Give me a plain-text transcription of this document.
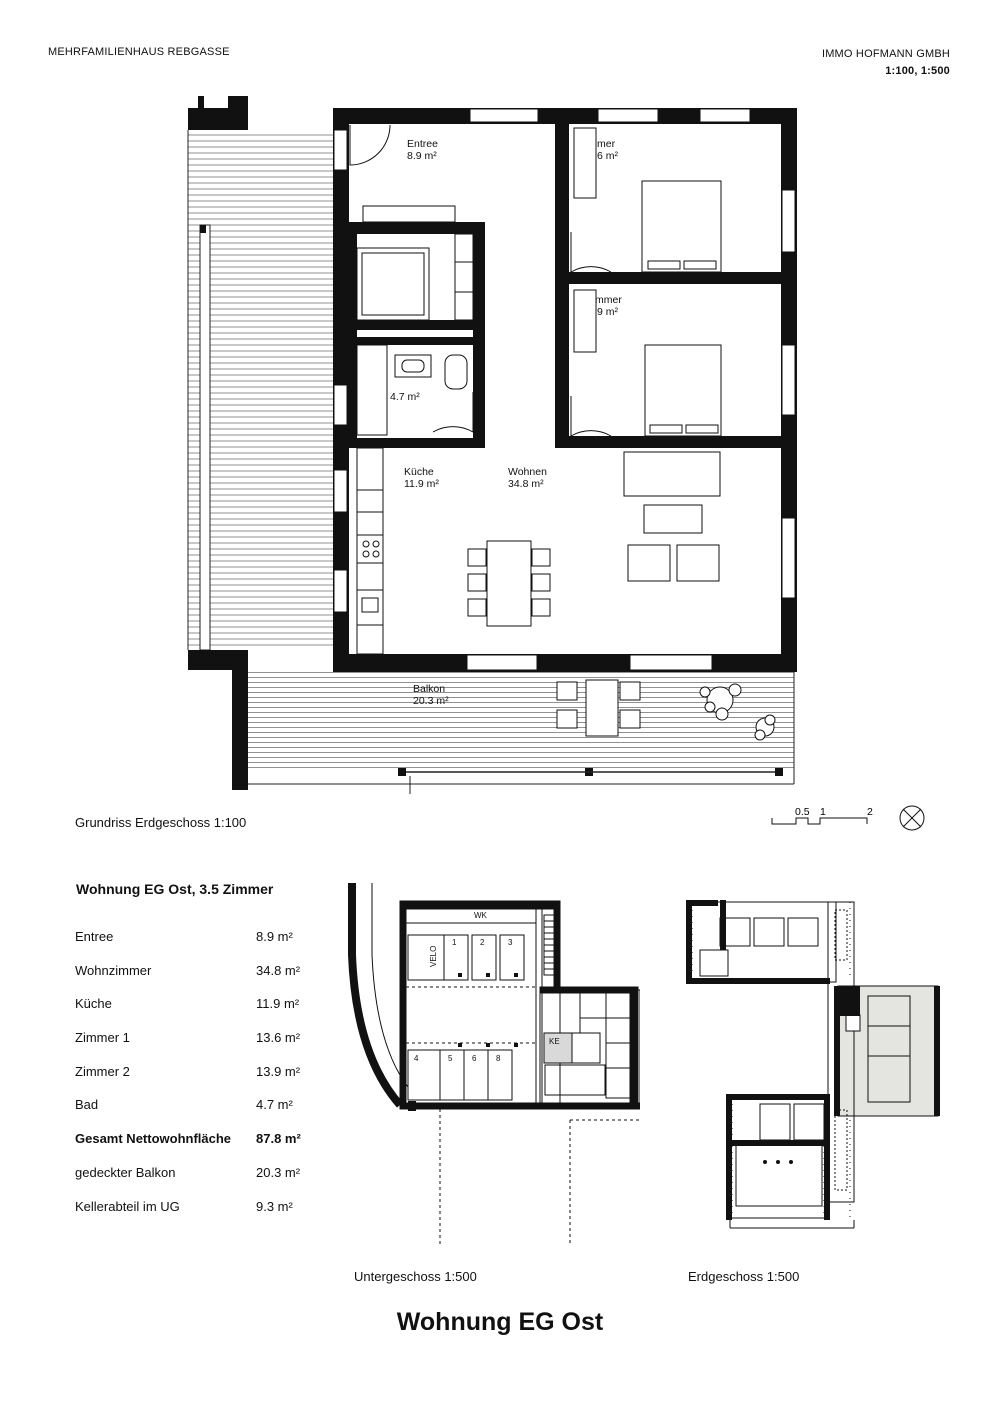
MEHRFAMILIENHAUS REBGASSE	IMMO HOFMANN GMBH
1:100, 1:500
Entree
8.9 m²
mer
6 m²
mmer
9 m²
4.7 m²
Küche
11.9 m²
Wohnen
34.8 m²
Balkon
20.3 m²
Grundriss Erdgeschoss 1:100
0.5 1	2
Wohnung EG Ost, 3.5 Zimmer
Entree	8.9 m²
Wohnzimmer	34.8 m²
Küche	11.9 m²
Zimmer 1	13.6 m²
Zimmer 2	13.9 m²
Bad	4.7 m²
Gesamt Nettowohnfläche	87.8 m²
gedeckter Balkon	20.3 m²
Kellerabteil im UG	9.3 m²
WK
VELO
1	2	3
4	5 6 8
KE
Untergeschoss 1:500	Erdgeschoss 1:500
Wohnung EG Ost
